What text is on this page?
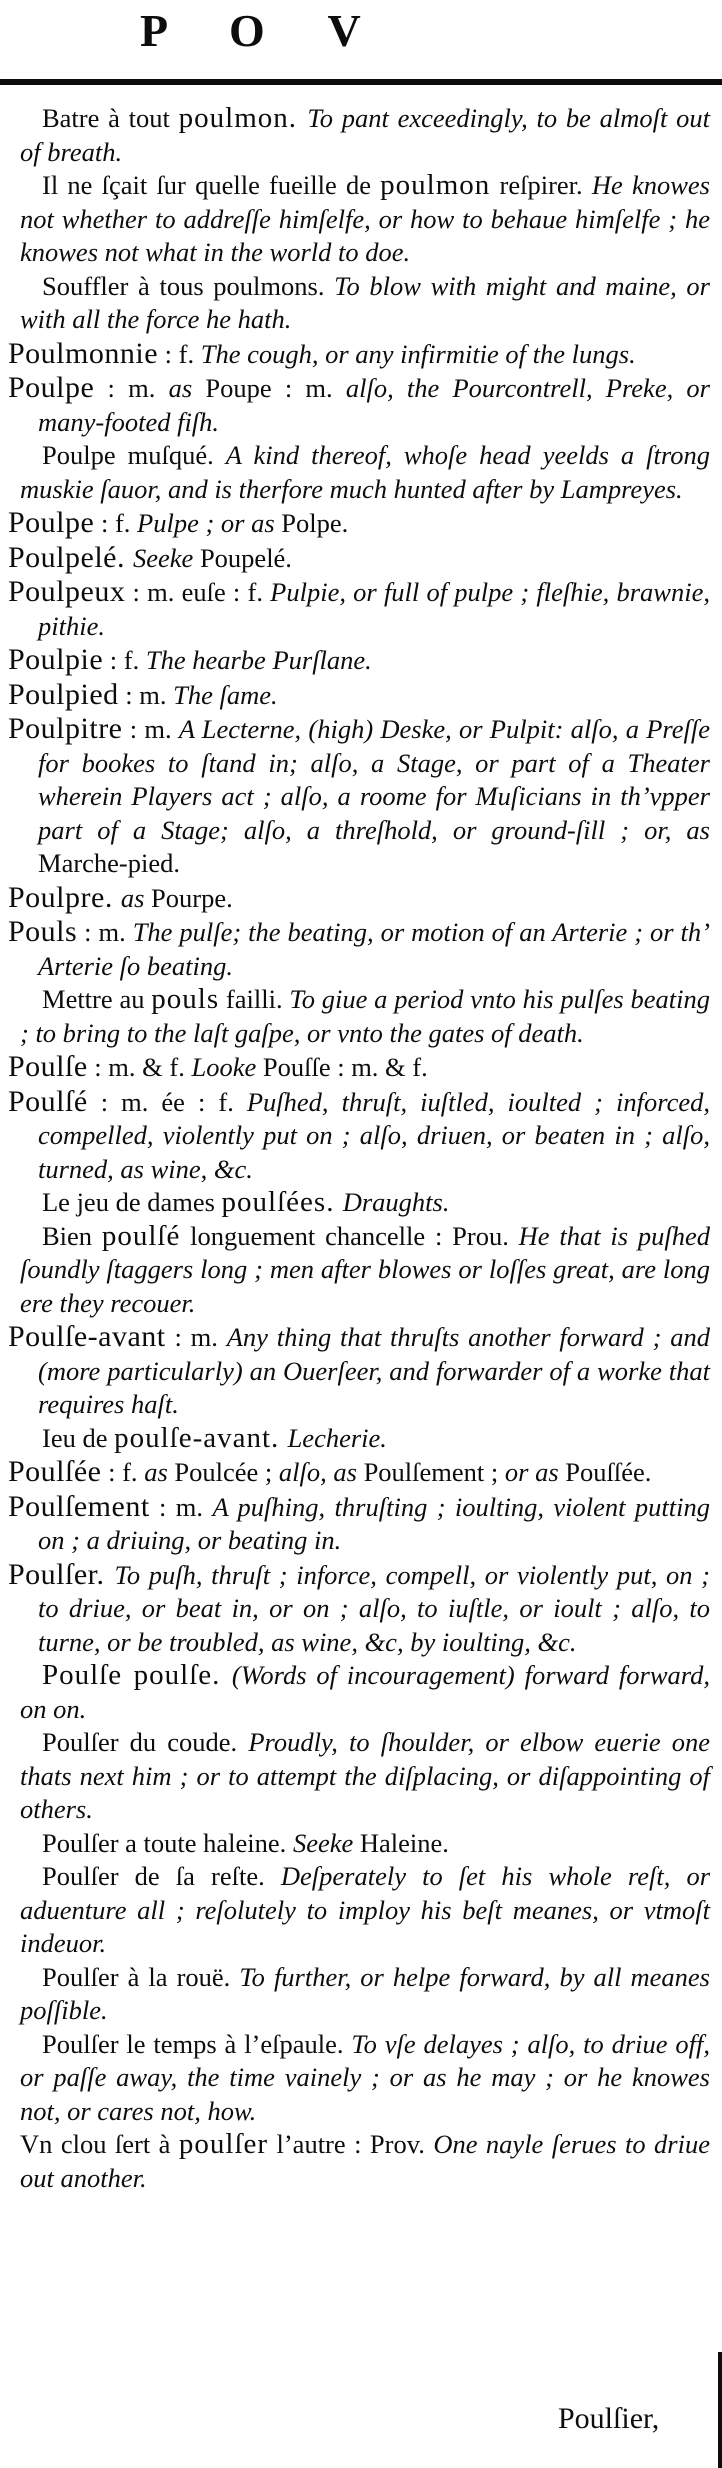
P O V

Batre à tout poulmon. To pant exceedingly, to be almoſt out of breath.

Il ne ſçait ſur quelle fueille de poulmon reſpirer. He knowes not whether to addreſſe himſelfe, or how to behaue himſelfe ; he knowes not what in the world to doe.

Souffler à tous poulmons. To blow with might and maine, or with all the force he hath.

Poulmonnie : f. The cough, or any infirmitie of the lungs.

Poulpe : m. as Poupe : m. alſo, the Pourcontrell, Preke, or many-footed fiſh.

Poulpe muſqué. A kind thereof, whoſe head yeelds a ſtrong muskie ſauor, and is therfore much hunted after by Lampreyes.

Poulpe : f. Pulpe ; or as Polpe.

Poulpelé. Seeke Poupelé.

Poulpeux : m. euſe : f. Pulpie, or full of pulpe ; fleſhie, brawnie, pithie.

Poulpie : f. The hearbe Purſlane.

Poulpied : m. The ſame.

Poulpitre : m. A Lecterne, (high) Deske, or Pulpit: alſo, a Preſſe for bookes to ſtand in; alſo, a Stage, or part of a Theater wherein Players act ; alſo, a roome for Muſicians in th’vpper part of a Stage; alſo, a threſhold, or ground-ſill ; or, as Marche-pied.

Poulpre. as Pourpe.

Pouls : m. The pulſe; the beating, or motion of an Arterie ; or th’ Arterie ſo beating.

Mettre au pouls failli. To giue a period vnto his pulſes beating ; to bring to the laſt gaſpe, or vnto the gates of death.

Poulſe : m. & f. Looke Pouſſe : m. & f.

Poulſé : m. ée : f. Puſhed, thruſt, iuſtled, ioulted ; inforced, compelled, violently put on ; alſo, driuen, or beaten in ; alſo, turned, as wine, &c.

Le jeu de dames poulſées. Draughts.

Bien poulſé longuement chancelle : Prou. He that is puſhed ſoundly ſtaggers long ; men after blowes or loſſes great, are long ere they recouer.

Poulſe-avant : m. Any thing that thruſts another forward ; and (more particularly) an Ouerſeer, and forwarder of a worke that requires haſt.

Ieu de poulſe-avant. Lecherie.

Poulſée : f. as Poulcée ; alſo, as Poulſement ; or as Pouſſée.

Poulſement : m. A puſhing, thruſting ; ioulting, violent putting on ; a driuing, or beating in.

Poulſer. To puſh, thruſt ; inforce, compell, or violently put, on ; to driue, or beat in, or on ; alſo, to iuſtle, or ioult ; alſo, to turne, or be troubled, as wine, &c, by ioulting, &c.

Poulſe poulſe. (Words of incouragement) forward forward, on on.

Poulſer du coude. Proudly, to ſhoulder, or elbow euerie one thats next him ; or to attempt the diſplacing, or diſappointing of others.

Poulſer a toute haleine. Seeke Haleine.

Poulſer de ſa reſte. Deſperately to ſet his whole reſt, or aduenture all ; reſolutely to imploy his beſt meanes, or vtmoſt indeuor.

Poulſer à la rouë. To further, or helpe forward, by all meanes poſſible.

Poulſer le temps à l’eſpaule. To vſe delayes ; alſo, to driue off, or paſſe away, the time vainely ; or as he may ; or he knowes not, or cares not, how.

Vn clou ſert à poulſer l’autre : Prov. One nayle ſerues to driue out another.

Poulſier,
